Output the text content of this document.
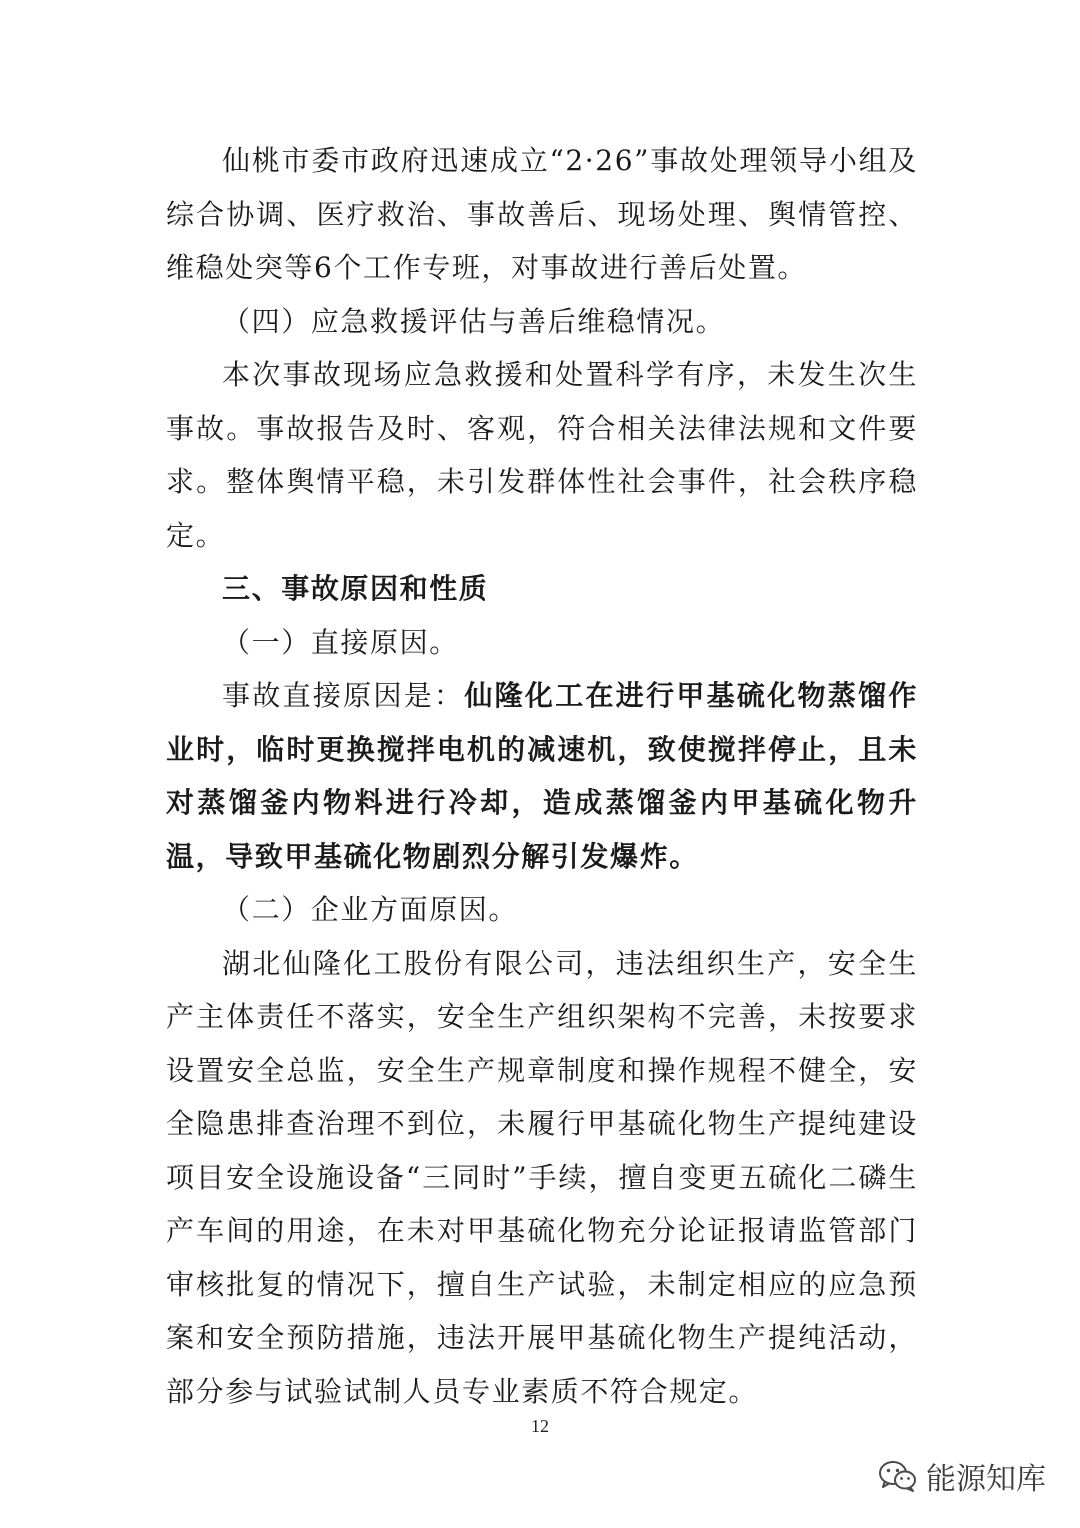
仙桃市委市政府迅速成立“2·26”事故处理领导小组及综合协调、医疗救治、事故善后、现场处理、舆情管控、维稳处突等6个工作专班，对事故进行善后处置。

（四）应急救援评估与善后维稳情况。

本次事故现场应急救援和处置科学有序，未发生次生事故。事故报告及时、客观，符合相关法律法规和文件要求。整体舆情平稳，未引发群体性社会事件，社会秩序稳定。

三、事故原因和性质

（一）直接原因。

事故直接原因是：仙隆化工在进行甲基硫化物蒸馏作业时，临时更换搅拌电机的减速机，致使搅拌停止，且未对蒸馏釜内物料进行冷却，造成蒸馏釜内甲基硫化物升温，导致甲基硫化物剧烈分解引发爆炸。

（二）企业方面原因。

湖北仙隆化工股份有限公司，违法组织生产，安全生产主体责任不落实，安全生产组织架构不完善，未按要求设置安全总监，安全生产规章制度和操作规程不健全，安全隐患排查治理不到位，未履行甲基硫化物生产提纯建设项目安全设施设备“三同时”手续，擅自变更五硫化二磷生产车间的用途，在未对甲基硫化物充分论证报请监管部门审核批复的情况下，擅自生产试验，未制定相应的应急预案和安全预防措施，违法开展甲基硫化物生产提纯活动，部分参与试验试制人员专业素质不符合规定。

12
能源知库
